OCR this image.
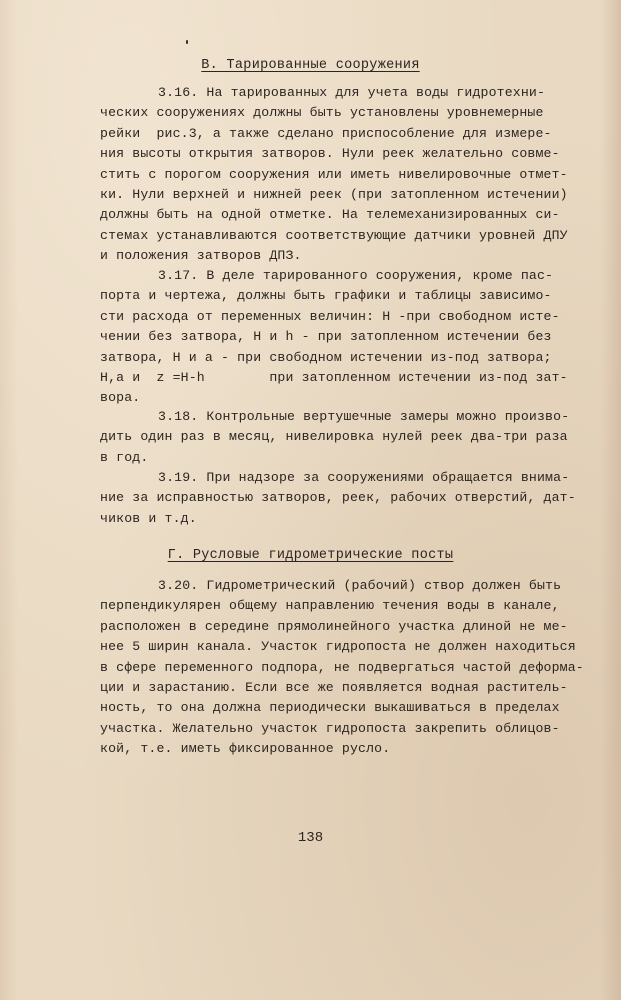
В. Тарированные сооружения
3.16. На тарированных для учета воды гидротехни-
ческих сооружениях должны быть установлены уровнемерные
рейки  рис.3, а также сделано приспособление для измере-
ния высоты открытия затворов. Нули реек желательно совме-
стить с порогом сооружения или иметь нивелировочные отмет-
ки. Нули верхней и нижней реек (при затопленном истечении)
должны быть на одной отметке. На телемеханизированных си-
стемах устанавливаются соответствующие датчики уровней ДПУ
и положения затворов ДПЗ.
3.17. В деле тарированного сооружения, кроме пас-
порта и чертежа, должны быть графики и таблицы зависимо-
сти расхода от переменных величин: H -при свободном исте-
чении без затвора, H и h - при затопленном истечении без
затвора, H и a - при свободном истечении из-под затвора;
H,a и  z =H-h        при затопленном истечении из-под зат-
вора.
3.18. Контрольные вертушечные замеры можно произво-
дить один раз в месяц, нивелировка нулей реек два-три раза
в год.
3.19. При надзоре за сооружениями обращается внима-
ние за исправностью затворов, реек, рабочих отверстий, дат-
чиков и т.д.
Г. Русловые гидрометрические посты
3.20. Гидрометрический (рабочий) створ должен быть
перпендикулярен общему направлению течения воды в канале,
расположен в середине прямолинейного участка длиной не ме-
нее 5 ширин канала. Участок гидропоста не должен находиться
в сфере переменного подпора, не подвергаться частой деформа-
ции и зарастанию. Если все же появляется водная раститель-
ность, то она должна периодически выкашиваться в пределах
участка. Желательно участок гидропоста закрепить облицов-
кой, т.е. иметь фиксированное русло.
138
